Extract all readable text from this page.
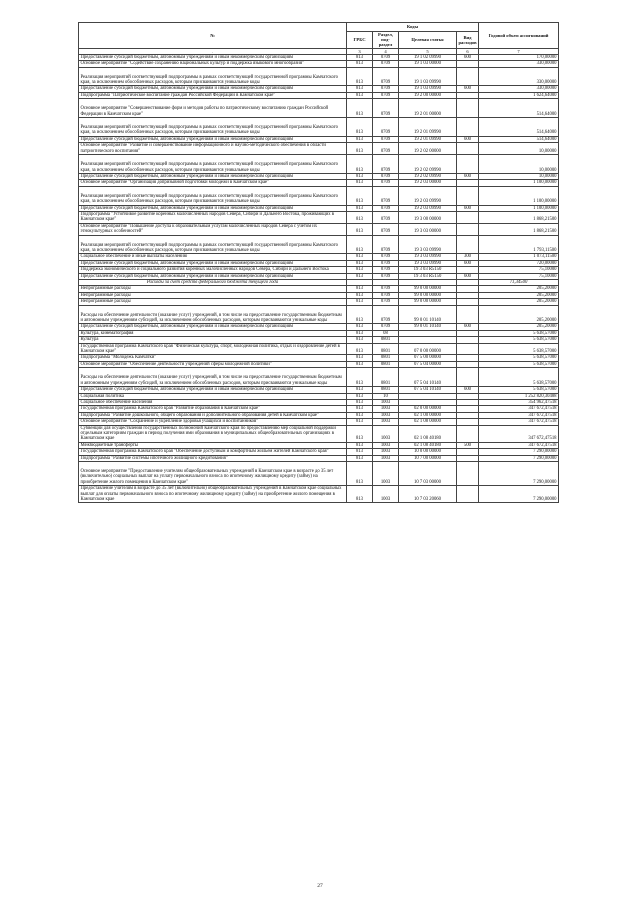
№	Коды				Годовой объем ассигнований
	ГРБС	Раздел, под- раздел	Целевая статья	Вид расходов	
.	3	4	5	6	7
Предоставление субсидий бюджетным, автономным учреждениям и иным некоммерческим организациям	813	0709	19 1 02 09990	600	170,00000
Основное мероприятие "Содействие сохранению национальных культур и поддержка языкового многообразия"	813	0709	19 1 03 00000		330,00000
Реализация мероприятий соответствующей подпрограммы в рамках соответствующей государственной программы Камчатского края, за исключением обособленных расходов, которым присваиваются уникальные коды	813	0709	19 1 03 09990		330,00000
Предоставление субсидий бюджетным, автономным учреждениям и иным некоммерческим организациям	813	0709	19 1 03 09990	600	330,00000
Подпрограмма "Патриотическое воспитание граждан Российской Федерации в Камчатском крае"	813	0709	19 2 00 00000		1 624,64000
Основное мероприятие "Совершенствование форм и методов работы по патриотическому воспитанию граждан Российской Федерации в Камчатском крае"	813	0709	19 2 01 00000		514,64000
Реализация мероприятий соответствующей подпрограммы в рамках соответствующей государственной программы Камчатского края, за исключением обособленных расходов, которым присваиваются уникальные коды	813	0709	19 2 01 09990		514,64000
Предоставление субсидий бюджетным, автономным учреждениям и иным некоммерческим организациям	813	0709	19 2 01 09990	600	514,64000
Основное мероприятие "Развитие и совершенствование информационного и научно-методического обеспечения в области патриотического воспитания"	813	0709	19 2 02 00000		10,00000
Реализация мероприятий соответствующей подпрограммы в рамках соответствующей государственной программы Камчатского края, за исключением обособленных расходов, которым присваиваются уникальные коды	813	0709	19 2 02 09990		10,00000
Предоставление субсидий бюджетным, автономным учреждениям и иным некоммерческим организациям	813	0709	19 2 02 09990	600	10,00000
Основное мероприятие "Организация допризывной подготовки молодежи в Камчатском крае"	813	0709	19 2 03 00000		1 100,00000
Реализация мероприятий соответствующей подпрограммы в рамках соответствующей государственной программы Камчатского края, за исключением обособленных расходов, которым присваиваются уникальные коды	813	0709	19 2 03 09990		1 100,00000
Предоставление субсидий бюджетным, автономным учреждениям и иным некоммерческим организациям	813	0709	19 2 03 09990	600	1 100,00000
Подпрограмма "Устойчивое развитие коренных малочисленных народов Севера, Сибири и Дальнего Востока, проживающих в Камчатском крае"	813	0709	19 3 00 00000		1 868,21500
Основное мероприятие "Повышение доступа к образовательным услугам малочисленных народов Севера с учетом их этнокультурных особенностей"	813	0709	19 3 03 00000		1 868,21500
Реализация мероприятий соответствующей подпрограммы в рамках соответствующей государственной программы Камчатского края, за исключением обособленных расходов, которым присваиваются уникальные коды	813	0709	19 3 03 09990		1 793,11500
Социальное обеспечение и иные выплаты населению	813	0709	19 3 03 09990	300	1 073,11500
Предоставление субсидий бюджетным, автономным учреждениям и иным некоммерческим организациям	813	0709	19 3 03 09990	600	720,00000
Поддержка экономического и социального развития коренных малочисленных народов Севера, Сибири и Дальнего Востока	813	0709	19 3 03 R5150		75,10000
Предоставление субсидий бюджетным, автономным учреждениям и иным некоммерческим организациям	813	0709	19 3 03 R5150	600	75,10000
Расходы за счет средств федерального бюджета текущего года					71,34500
Непрограммные расходы	813	0709	99 0 00 00000		205,20000
Непрограммные расходы	813	0709	99 0 00 00000		205,20000
Непрограммные расходы	813	0709	99 0 00 00000		205,20000
Расходы на обеспечение деятельности (оказание услуг) учреждений, в том числе на предоставление государственным бюджетным и автономным учреждениям субсидий, за исключением обособленных расходов, которым присваиваются уникальные коды	813	0709	99 0 01 10140		205,20000
Предоставление субсидий бюджетным, автономным учреждениям и иным некоммерческим организациям	813	0709	99 0 01 10140	600	205,20000
Культура, кинематография	813	08			5 638,57000
Культура	813	0801			5 638,57000
Государственная программа Камчатского края "Физическая культура, спорт, молодежная политика, отдых и оздоровление детей в Камчатском крае"	813	0801	07 0 00 00000		5 638,57000
Подпрограмма "Молодежь Камчатки"	813	0801	07 5 00 00000		5 638,57000
Основное мероприятие "Обеспечение деятельности учреждений сферы молодежной политики"	813	0801	07 5 04 00000		5 638,57000
Расходы на обеспечение деятельности (оказание услуг) учреждений, в том числе на предоставление государственным бюджетным и автономным учреждениям субсидий, за исключением обособленных расходов, которым присваиваются уникальные коды	813	0801	07 5 04 10140		5 638,57000
Предоставление субсидий бюджетным, автономным учреждениям и иным некоммерческим организациям	813	0801	07 5 04 10140	600	5 638,57000
Социальная политика	813	10			1 252 820,30488
Социальное обеспечение населения	813	1003			354 962,47518
Государственная программа Камчатского края "Развитие образования в Камчатском крае"	813	1003	02 0 00 00000		347 672,47518
Подпрограмма "Развитие дошкольного, общего образования и дополнительного образования детей в Камчатском крае"	813	1003	02 1 00 00000		347 672,47518
Основное мероприятие "Сохранение и укрепление здоровья учащихся и воспитанников"	813	1003	02 1 08 00000		347 672,47518
Субвенции для осуществления государственных полномочий Камчатского края по предоставлению мер социальной поддержки отдельным категориям граждан в период получения ими образования в муниципальных общеобразовательных организациях в Камчатском крае	813	1003	02 1 08 40180		347 672,47518
Межбюджетные трансферты	813	1003	02 1 08 40180	500	347 672,47518
Государственная программа Камчатского края "Обеспечение доступным и комфортным жильем жителей Камчатского края"	813	1003	10 0 00 00000		7 290,00000
Подпрограмма "Развитие системы ипотечного жилищного кредитования"	813	1003	10 7 00 00000		7 290,00000
Основное мероприятие "Предоставление учителям общеобразовательных учреждений в Камчатском крае в возрасте до 35 лет (включительно) социальных выплат на уплату первоначального взноса по ипотечному жилищному кредиту (займу) на приобретение жилого помещения в Камчатском крае"	813	1003	10 7 03 00000		7 290,00000
Предоставление учителям в возрасте до 35 лет (включительно) общеобразовательных учреждений в Камчатском крае социальных выплат для оплаты первоначального взноса по ипотечному жилищному кредиту (займу) на приобретение жилого помещения в Камчатском крае	813	1003	10 7 03 20060		7 290,00000
27
